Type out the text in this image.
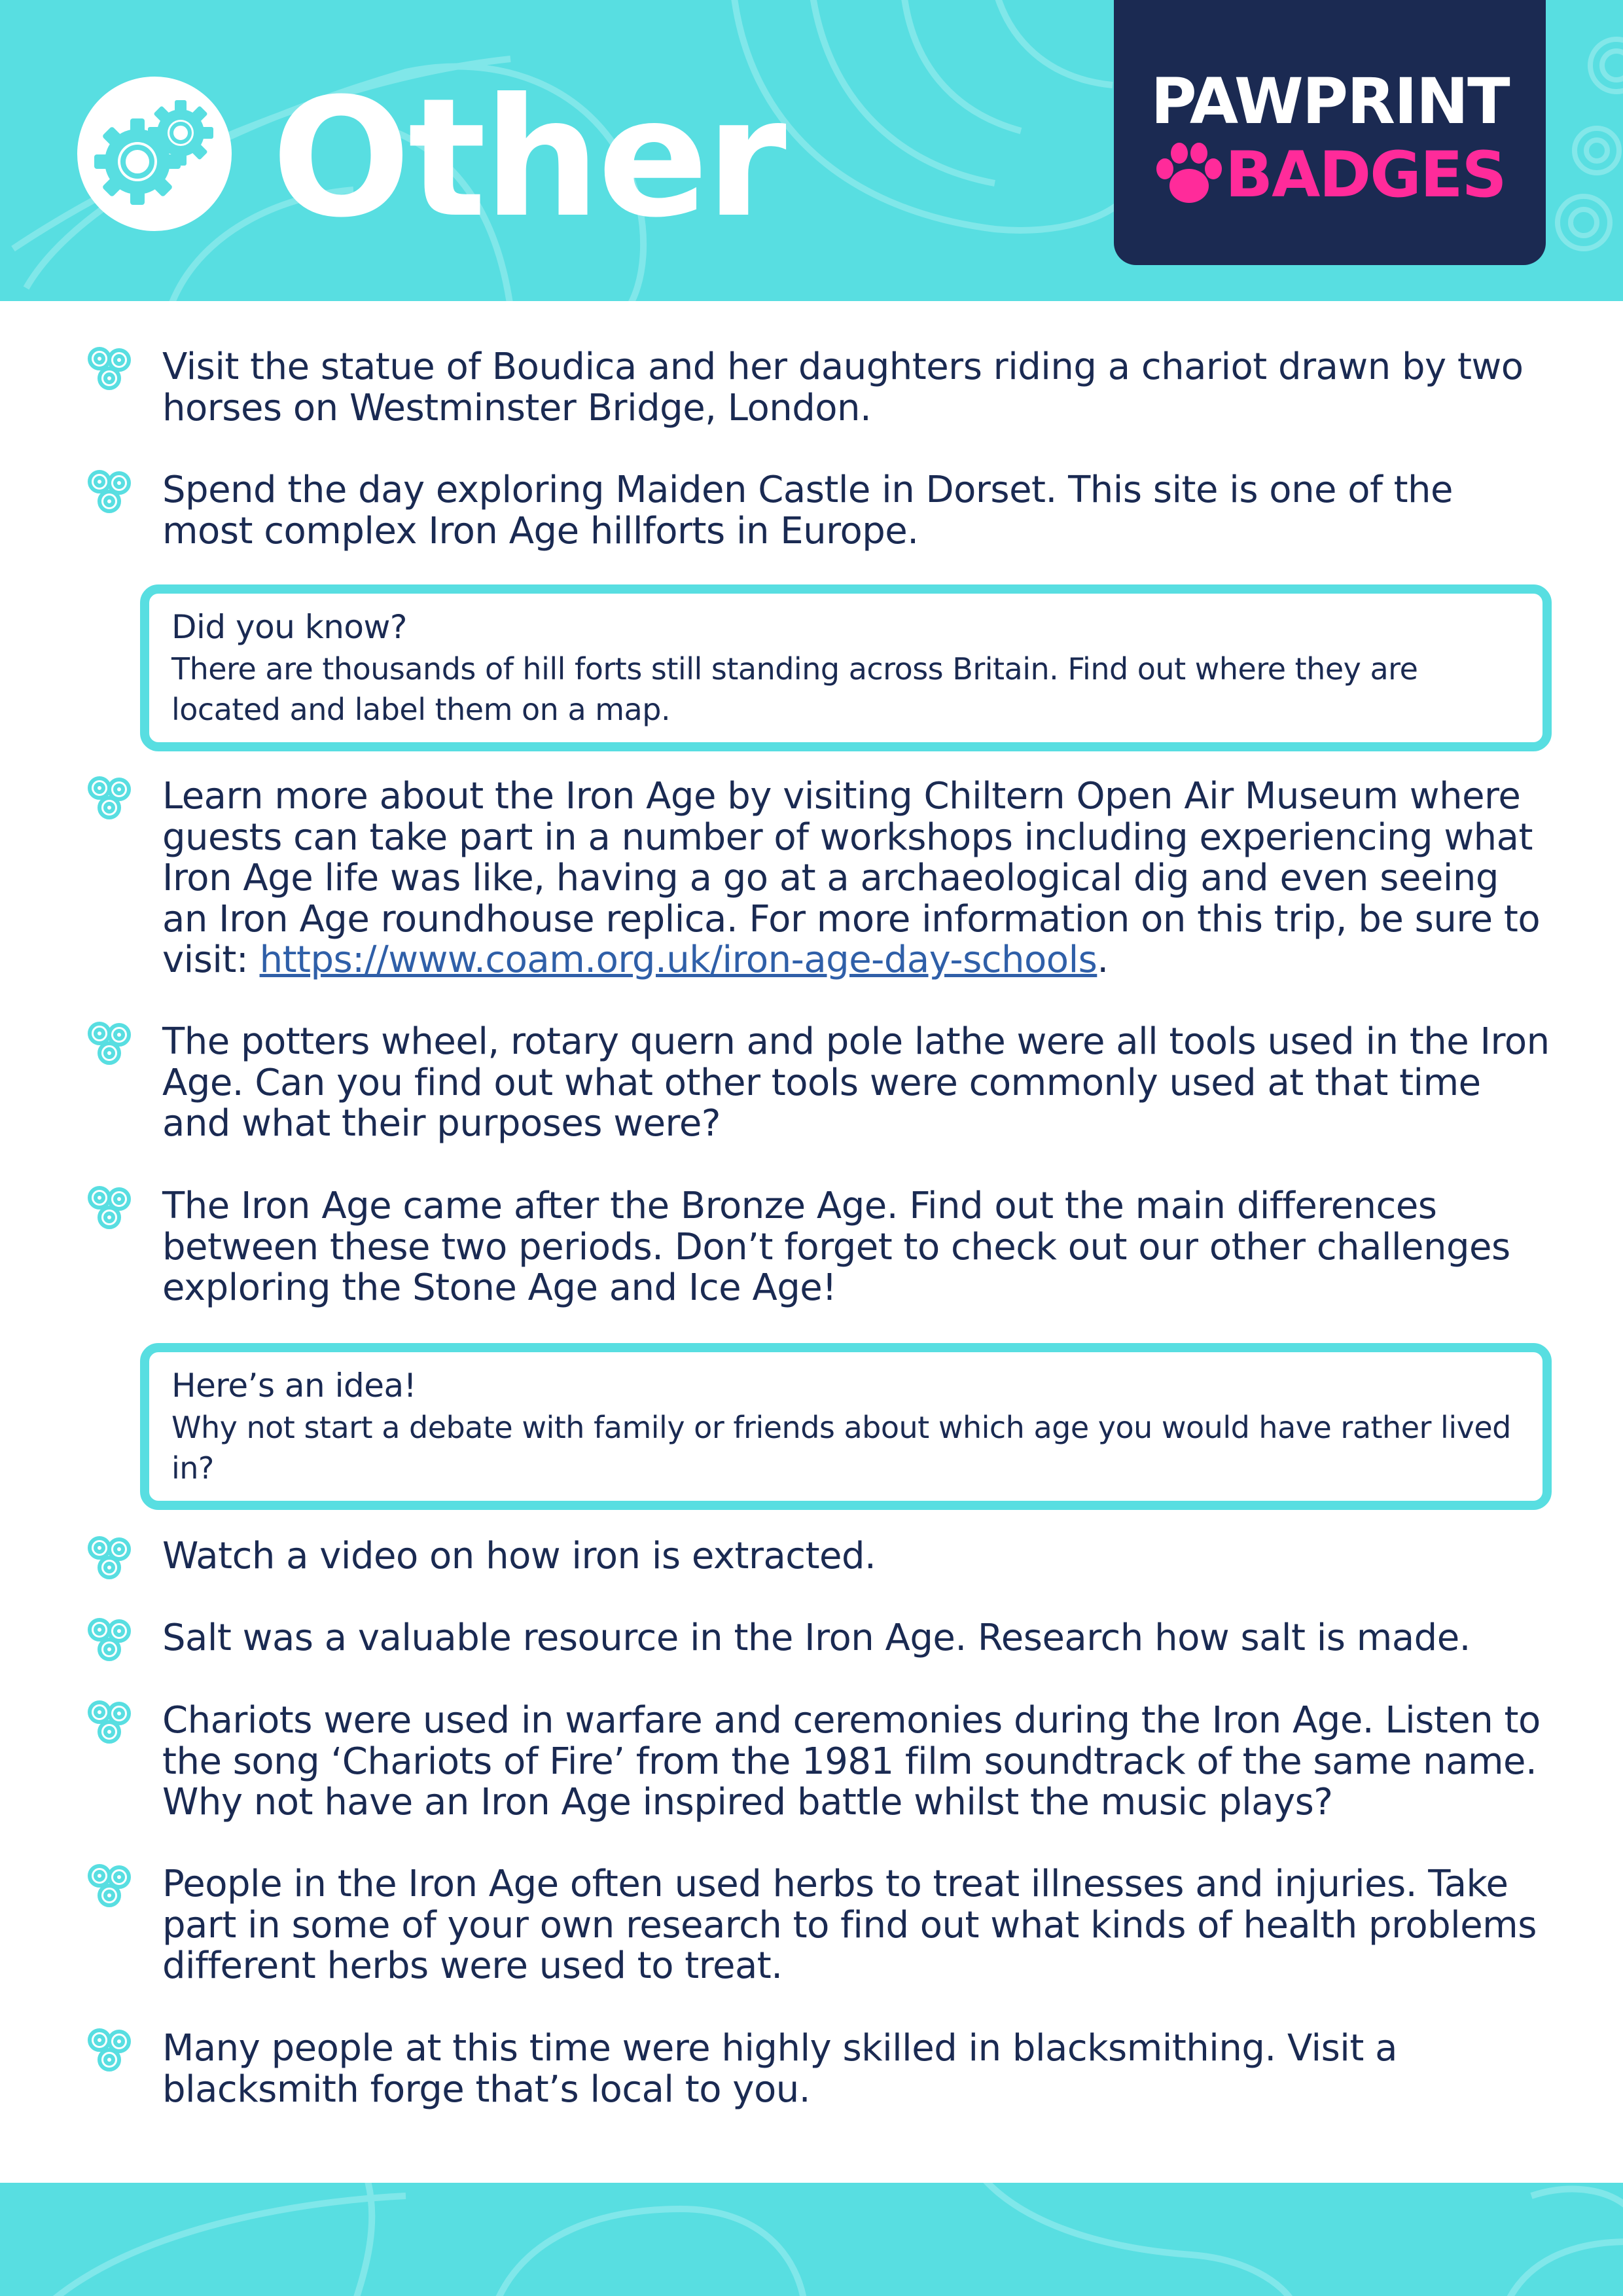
Other	PAWPRINT
BADGES
Visit the statue of Boudica and her daughters riding a chariot drawn by two horses on Westminster Bridge, London.
Spend the day exploring Maiden Castle in Dorset. This site is one of the most complex Iron Age hillforts in Europe.
Did you know?
There are thousands of hill forts still standing across Britain. Find out where they are located and label them on a map.
Learn more about the Iron Age by visiting Chiltern Open Air Museum where guests can take part in a number of workshops including experiencing what Iron Age life was like, having a go at a archaeological dig and even seeing an Iron Age roundhouse replica. For more information on this trip, be sure to visit: https://www.coam.org.uk/iron-age-day-schools.
The potters wheel, rotary quern and pole lathe were all tools used in the Iron Age. Can you find out what other tools were commonly used at that time and what their purposes were?
The Iron Age came after the Bronze Age. Find out the main differences between these two periods. Don’t forget to check out our other challenges exploring the Stone Age and Ice Age!
Here’s an idea!
Why not start a debate with family or friends about which age you would have rather lived in?
Watch a video on how iron is extracted.
Salt was a valuable resource in the Iron Age. Research how salt is made.
Chariots were used in warfare and ceremonies during the Iron Age. Listen to the song ‘Chariots of Fire’ from the 1981 film soundtrack of the same name. Why not have an Iron Age inspired battle whilst the music plays?
People in the Iron Age often used herbs to treat illnesses and injuries. Take part in some of your own research to find out what kinds of health problems different herbs were used to treat.
Many people at this time were highly skilled in blacksmithing. Visit a blacksmith forge that’s local to you.
